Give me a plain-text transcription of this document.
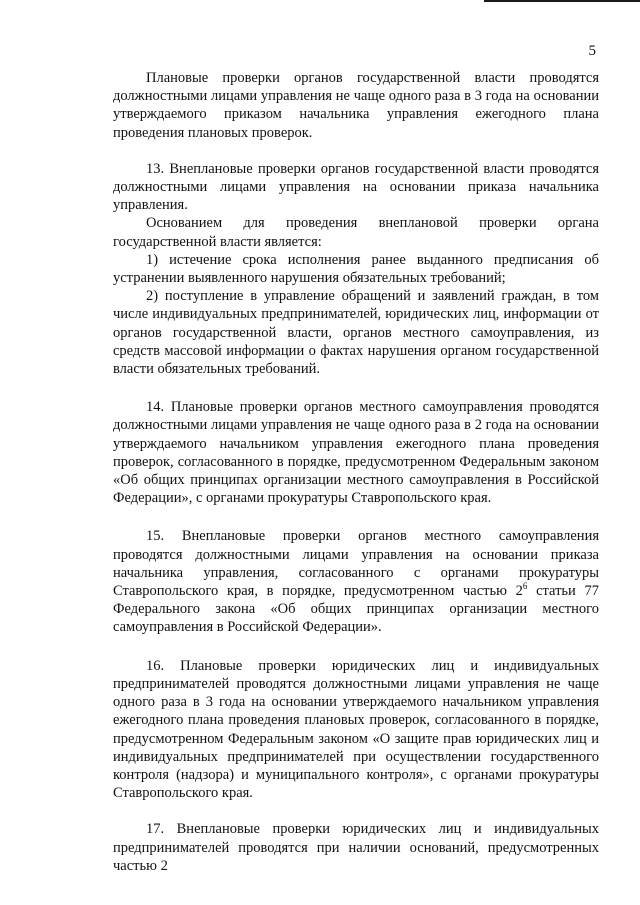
5

Плановые проверки органов государственной власти проводятся должностными лицами управления не чаще одного раза в 3 года на основании утверждаемого приказом начальника управления ежегодного плана проведения плановых проверок.

13. Внеплановые проверки органов государственной власти проводятся должностными лицами управления на основании приказа начальника управления.

Основанием для проведения внеплановой проверки органа государственной власти является:

1) истечение срока исполнения ранее выданного предписания об устранении выявленного нарушения обязательных требований;

2) поступление в управление обращений и заявлений граждан, в том числе индивидуальных предпринимателей, юридических лиц, информации от органов государственной власти, органов местного самоуправления, из средств массовой информации о фактах нарушения органом государственной власти обязательных требований.

14. Плановые проверки органов местного самоуправления проводятся должностными лицами управления не чаще одного раза в 2 года на основании утверждаемого начальником управления ежегодного плана проведения проверок, согласованного в порядке, предусмотренном Федеральным законом «Об общих принципах организации местного самоуправления в Российской Федерации», с органами прокуратуры Ставропольского края.

15. Внеплановые проверки органов местного самоуправления проводятся должностными лицами управления на основании приказа начальника управления, согласованного с органами прокуратуры Ставропольского края, в порядке, предусмотренном частью $2^6$ статьи 77 Федерального закона «Об общих принципах организации местного самоуправления в Российской Федерации».

16. Плановые проверки юридических лиц и индивидуальных предпринимателей проводятся должностными лицами управления не чаще одного раза в 3 года на основании утверждаемого начальником управления ежегодного плана проведения плановых проверок, согласованного в порядке, предусмотренном Федеральным законом «О защите прав юридических лиц и индивидуальных предпринимателей при осуществлении государственного контроля (надзора) и муниципального контроля», с органами прокуратуры Ставропольского края.

17. Внеплановые проверки юридических лиц и индивидуальных предпринимателей проводятся при наличии оснований, предусмотренных частью 2
